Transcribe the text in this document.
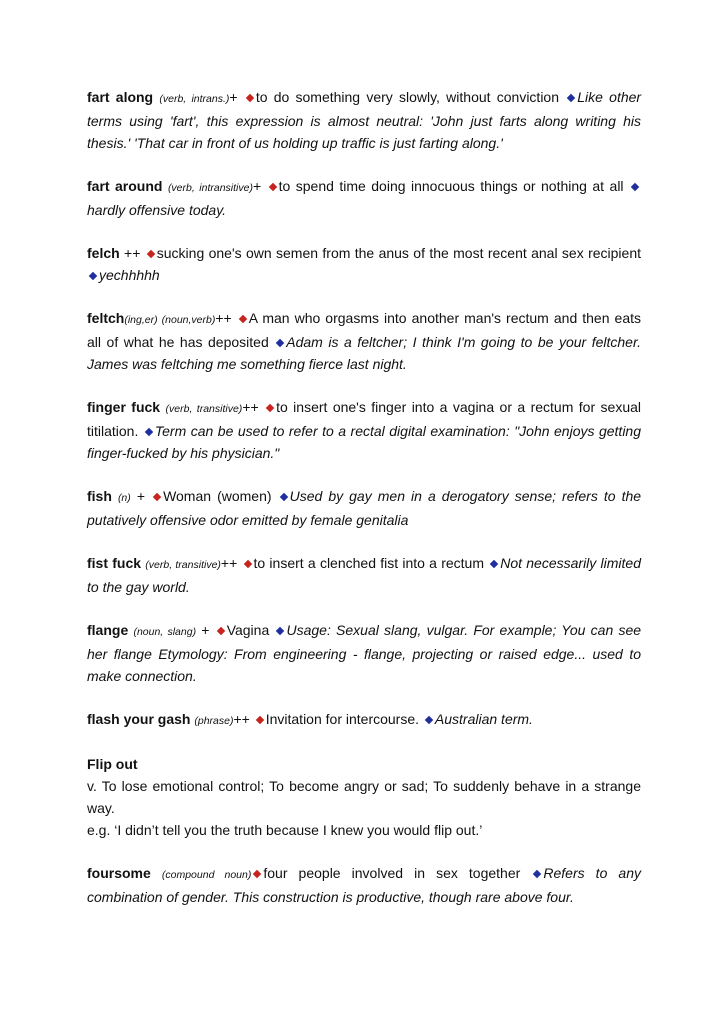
fart along (verb, intrans.)+ to do something very slowly, without conviction Like other terms using 'fart', this expression is almost neutral: 'John just farts along writing his thesis.' 'That car in front of us holding up traffic is just farting along.'

fart around (verb, intransitive)+ to spend time doing innocuous things or nothing at all hardly offensive today.

felch ++ sucking one's own semen from the anus of the most recent anal sex recipient yechhhhh

feltch(ing,er) (noun,verb)++ A man who orgasms into another man's rectum and then eats all of what he has deposited Adam is a feltcher; I think I'm going to be your feltcher. James was feltching me something fierce last night.

finger fuck (verb, transitive)++ to insert one's finger into a vagina or a rectum for sexual titilation. Term can be used to refer to a rectal digital examination: "John enjoys getting finger-fucked by his physician."

fish (n) + Woman (women) Used by gay men in a derogatory sense; refers to the putatively offensive odor emitted by female genitalia

fist fuck (verb, transitive)++ to insert a clenched fist into a rectum Not necessarily limited to the gay world.

flange (noun, slang) + Vagina Usage: Sexual slang, vulgar. For example; You can see her flange Etymology: From engineering - flange, projecting or raised edge... used to make connection.

flash your gash (phrase)++ Invitation for intercourse. Australian term.

Flip out
v. To lose emotional control; To become angry or sad; To suddenly behave in a strange way.
e.g. ‘I didn’t tell you the truth because I knew you would flip out.’

foursome (compound noun) four people involved in sex together Refers to any combination of gender. This construction is productive, though rare above four.
